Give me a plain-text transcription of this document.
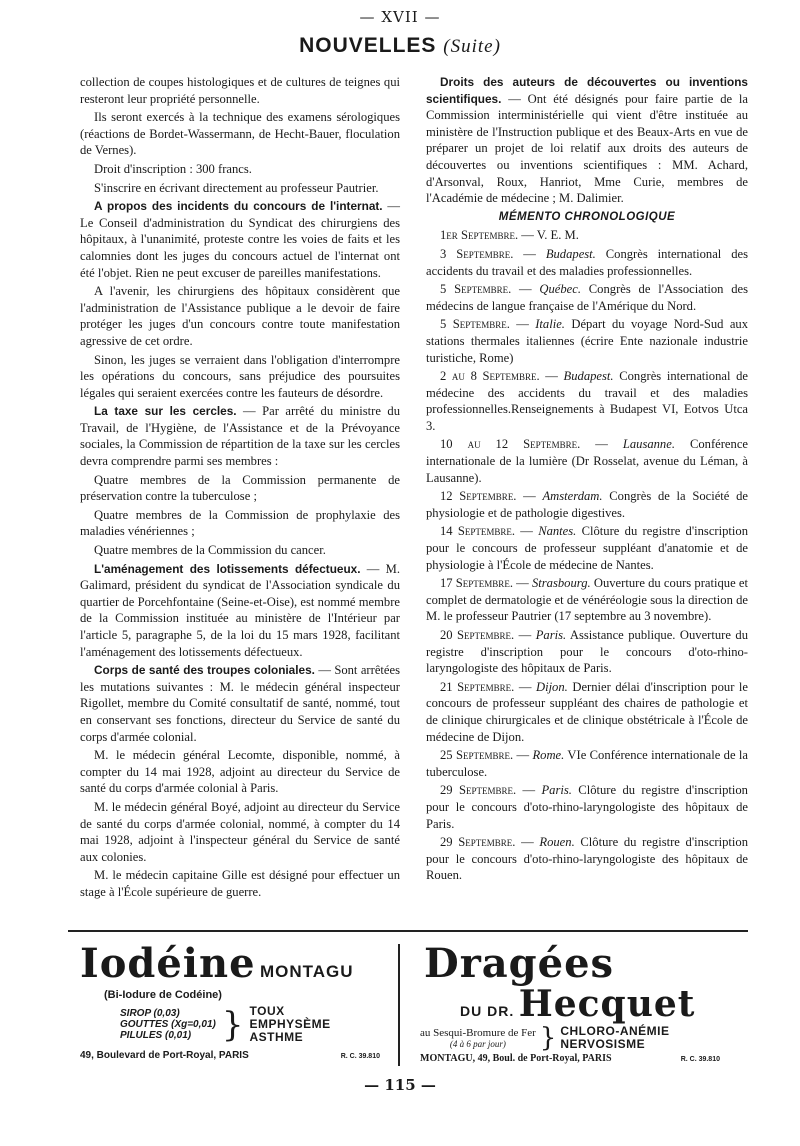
— XVII —
NOUVELLES (Suite)

collection de coupes histologiques et de cultures de teignes qui resteront leur propriété personnelle.

Ils seront exercés à la technique des examens sérologiques (réactions de Bordet-Wassermann, de Hecht-Bauer, floculation de Vernes).

Droit d'inscription : 300 francs.

S'inscrire en écrivant directement au professeur Pautrier.

A propos des incidents du concours de l'internat. — Le Conseil d'administration du Syndicat des chirurgiens des hôpitaux, à l'unanimité, proteste contre les voies de faits et les calomnies dont les juges du concours actuel de l'internat ont été l'objet. Rien ne peut excuser de pareilles manifestations.

A l'avenir, les chirurgiens des hôpitaux considèrent que l'administration de l'Assistance publique a le devoir de faire protéger les juges d'un concours contre toute manifestation agressive de cet ordre.

Sinon, les juges se verraient dans l'obligation d'interrompre les opérations du concours, sans préjudice des poursuites légales qui seraient exercées contre les fauteurs de désordre.

La taxe sur les cercles. — Par arrêté du ministre du Travail, de l'Hygiène, de l'Assistance et de la Prévoyance sociales, la Commission de répartition de la taxe sur les cercles devra comprendre parmi ses membres :

Quatre membres de la Commission permanente de préservation contre la tuberculose ;

Quatre membres de la Commission de prophylaxie des maladies vénériennes ;

Quatre membres de la Commission du cancer.

L'aménagement des lotissements défectueux. — M. Galimard, président du syndicat de l'Association syndicale du quartier de Porcehfontaine (Seine-et-Oise), est nommé membre de la Commission instituée au ministère de l'Intérieur par l'article 5, paragraphe 5, de la loi du 15 mars 1928, facilitant l'aménagement des lotissements défectueux.

Corps de santé des troupes coloniales. — Sont arrêtées les mutations suivantes : M. le médecin général inspecteur Rigollet, membre du Comité consultatif de santé, nommé, tout en conservant ses fonctions, directeur du Service de santé du corps d'armée colonial.

M. le médecin général Lecomte, disponible, nommé, à compter du 14 mai 1928, adjoint au directeur du Service de santé du corps d'armée colonial à Paris.

M. le médecin général Boyé, adjoint au directeur du Service de santé du corps d'armée colonial, nommé, à compter du 14 mai 1928, adjoint à l'inspecteur général du Service de santé aux colonies.

M. le médecin capitaine Gille est désigné pour effectuer un stage à l'École supérieure de guerre.

Droits des auteurs de découvertes ou inventions scientifiques. — Ont été désignés pour faire partie de la Commission interministérielle qui vient d'être instituée au ministère de l'Instruction publique et des Beaux-Arts en vue de préparer un projet de loi relatif aux droits des auteurs de découvertes ou inventions scientifiques : MM. Achard, d'Arsonval, Roux, Hanriot, Mme Curie, membres de l'Académie de médecine ; M. Dalimier.

MÉMENTO CHRONOLOGIQUE

1er Septembre. — V. E. M.

3 Septembre. — Budapest. Congrès international des accidents du travail et des maladies professionnelles.

5 Septembre. — Québec. Congrès de l'Association des médecins de langue française de l'Amérique du Nord.

5 Septembre. — Italie. Départ du voyage Nord-Sud aux stations thermales italiennes (écrire Ente nazionale industrie turistiche, Rome)

2 au 8 Septembre. — Budapest. Congrès international de médecine des accidents du travail et des maladies professionnelles.Renseignements à Budapest VI, Eotvos Utca 3.

10 au 12 Septembre. — Lausanne. Conférence internationale de la lumière (Dr Rosselat, avenue du Léman, à Lausanne).

12 Septembre. — Amsterdam. Congrès de la Société de physiologie et de pathologie digestives.

14 Septembre. — Nantes. Clôture du registre d'inscription pour le concours de professeur suppléant d'anatomie et de physiologie à l'École de médecine de Nantes.

17 Septembre. — Strasbourg. Ouverture du cours pratique et complet de dermatologie et de vénéréologie sous la direction de M. le professeur Pautrier (17 septembre au 3 novembre).

20 Septembre. — Paris. Assistance publique. Ouverture du registre d'inscription pour le concours d'oto-rhino-laryngologiste des hôpitaux de Paris.

21 Septembre. — Dijon. Dernier délai d'inscription pour le concours de professeur suppléant des chaires de pathologie et de clinique chirurgicales et de clinique obstétricale à l'École de médecine de Dijon.

25 Septembre. — Rome. VIe Conférence internationale de la tuberculose.

29 Septembre. — Paris. Clôture du registre d'inscription pour le concours d'oto-rhino-laryngologiste des hôpitaux de Paris.

29 Septembre. — Rouen. Clôture du registre d'inscription pour le concours d'oto-rhino-laryngologiste des hôpitaux de Rouen.

Iodéine MONTAGU
(Bi-Iodure de Codéine)
SIROP (0,03)
GOUTTES (Xg=0,01)
PILULES (0,01) } TOUX
EMPHYSÈME
ASTHME
49, Boulevard de Port-Royal, PARIS	R. C. 39.810
Dragées
DU DR. Hecquet
au Sesqui-Bromure de Fer
(4 à 6 par jour)	} CHLORO-ANÉMIE
NERVOSISME
MONTAGU, 49, Boul. de Port-Royal, PARIS	R. C. 39.810
— 115 —
